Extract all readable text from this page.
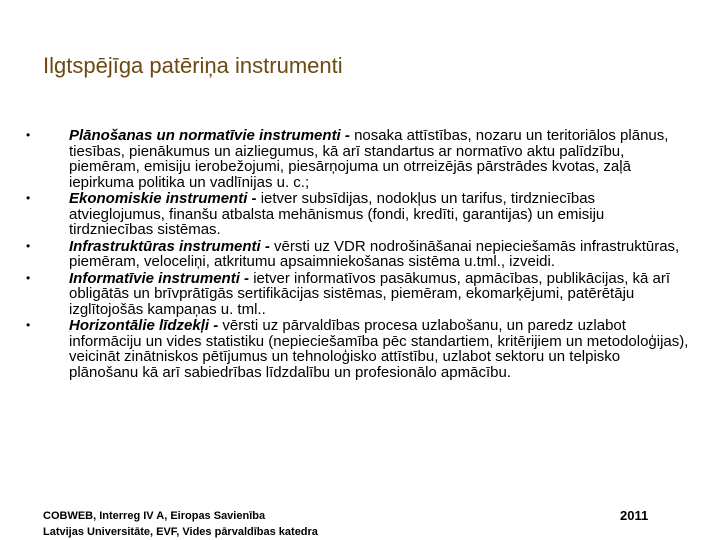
Ilgtspējīga patēriņa instrumenti
•	Plānošanas un normatīvie instrumenti - nosaka attīstības, nozaru un teritoriālos plānus, tiesības, pienākumus un aizliegumus, kā arī standartus ar normatīvo aktu palīdzību, piemēram, emisiju ierobežojumi, piesārņojuma un otrreizējās pārstrādes kvotas, zaļā iepirkuma politika un vadlīnijas u. c.;
•	Ekonomiskie instrumenti - ietver subsīdijas, nodokļus un tarifus, tirdzniecības atvieglojumus, finanšu atbalsta mehānismus (fondi, kredīti, garantijas) un emisiju tirdzniecības sistēmas.
•	Infrastruktūras instrumenti - vērsti uz VDR nodrošināšanai nepieciešamās infrastruktūras, piemēram, veloceliņi, atkritumu apsaimniekošanas sistēma u.tml., izveidi.
•	Informatīvie instrumenti - ietver informatīvos pasākumus, apmācības, publikācijas, kā arī obligātās un brīvprātīgās sertifikācijas sistēmas, piemēram, ekomarķējumi, patērētāju izglītojošās kampaņas u. tml..
•	Horizontālie līdzekļi - vērsti uz pārvaldības procesa uzlabošanu, un paredz uzlabot informāciju un vides statistiku (nepieciešamība pēc standartiem, kritērijiem un metodoloģijas), veicināt zinātniskos pētījumus un tehnoloģisko attīstību, uzlabot sektoru un telpisko plānošanu kā arī sabiedrības līdzdalību un profesionālo apmācību.
COBWEB, Interreg IV A, Eiropas Savienība
Latvijas Universitāte, EVF, Vides pārvaldības katedra
2011
